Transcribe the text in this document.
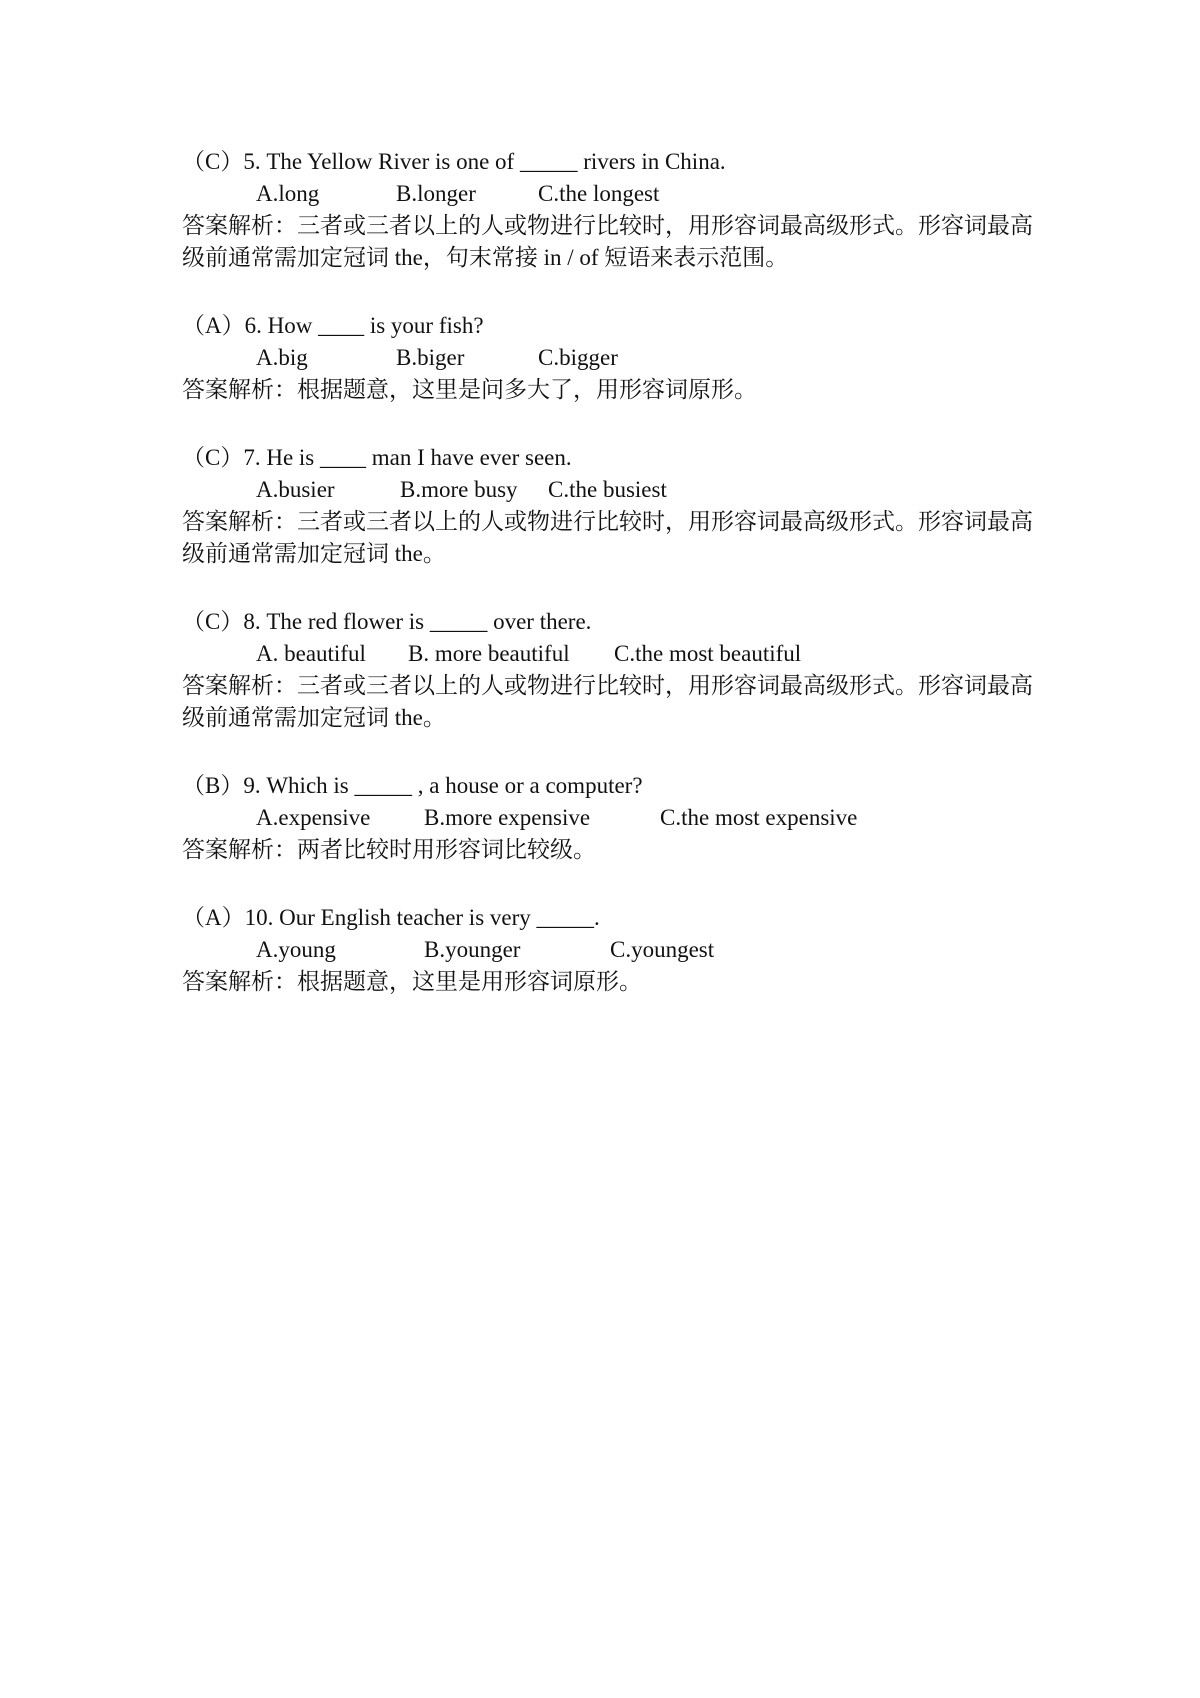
（C）5. The Yellow River is one of _____ rivers in China.
A.long	B.longer	C.the longest
答案解析：三者或三者以上的人或物进行比较时，用形容词最高级形式。形容词最高级前通常需加定冠词 the，句末常接 in / of 短语来表示范围。
（A）6. How ____ is your fish?
A.big	B.biger	C.bigger
答案解析：根据题意，这里是问多大了，用形容词原形。
（C）7. He is ____ man I have ever seen.
A.busier	B.more busy C.the busiest
答案解析：三者或三者以上的人或物进行比较时，用形容词最高级形式。形容词最高级前通常需加定冠词 the。
（C）8. The red flower is _____ over there.
A. beautiful B. more beautiful C.the most beautiful
答案解析：三者或三者以上的人或物进行比较时，用形容词最高级形式。形容词最高级前通常需加定冠词 the。
（B）9. Which is _____ , a house or a computer?
A.expensive B.more expensive	C.the most expensive
答案解析：两者比较时用形容词比较级。
（A）10. Our English teacher is very _____.
A.young	B.younger	C.youngest
答案解析：根据题意，这里是用形容词原形。
